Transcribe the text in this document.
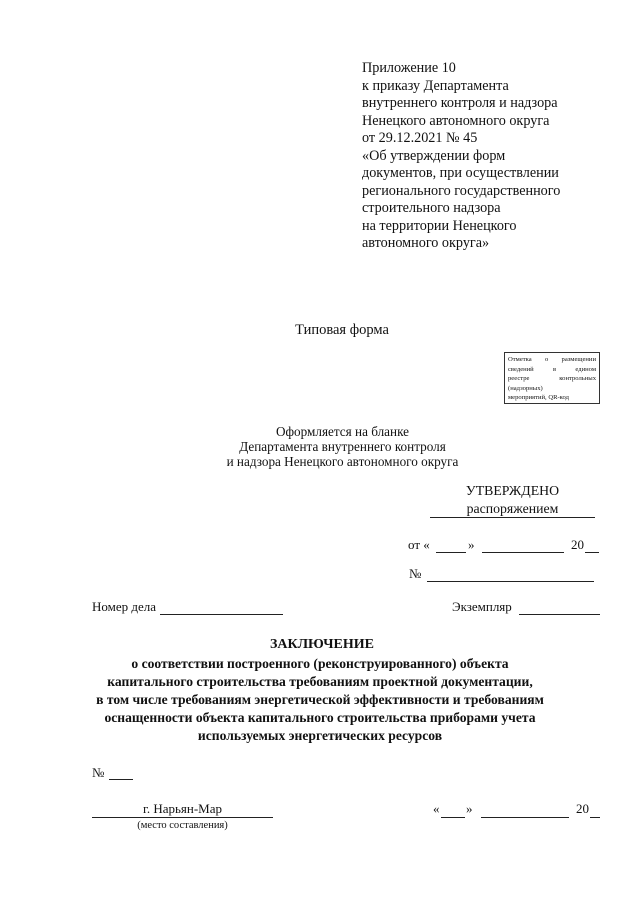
Приложение 10
к приказу Департамента
внутреннего контроля и надзора
Ненецкого автономного округа
от 29.12.2021 № 45
«Об утверждении форм
документов, при осуществлении
регионального государственного
строительного надзора
на территории Ненецкого
автономного округа»
Типовая форма
Отметка о размещении
сведений в едином
реестре контрольных
(надзорных)
мероприятий, QR-код
Оформляется на бланке
Департамента внутреннего контроля
и надзора Ненецкого автономного округа
УТВЕРЖДЕНО
распоряжением
от «	»	20
№
Номер дела	Экземпляр
ЗАКЛЮЧЕНИЕ
о соответствии построенного (реконструированного) объекта
капитального строительства требованиям проектной документации,
в том числе требованиям энергетической эффективности и требованиям
оснащенности объекта капитального строительства приборами учета
используемых энергетических ресурсов
№
г. Нарьян-Мар
(место составления)
« »	20
